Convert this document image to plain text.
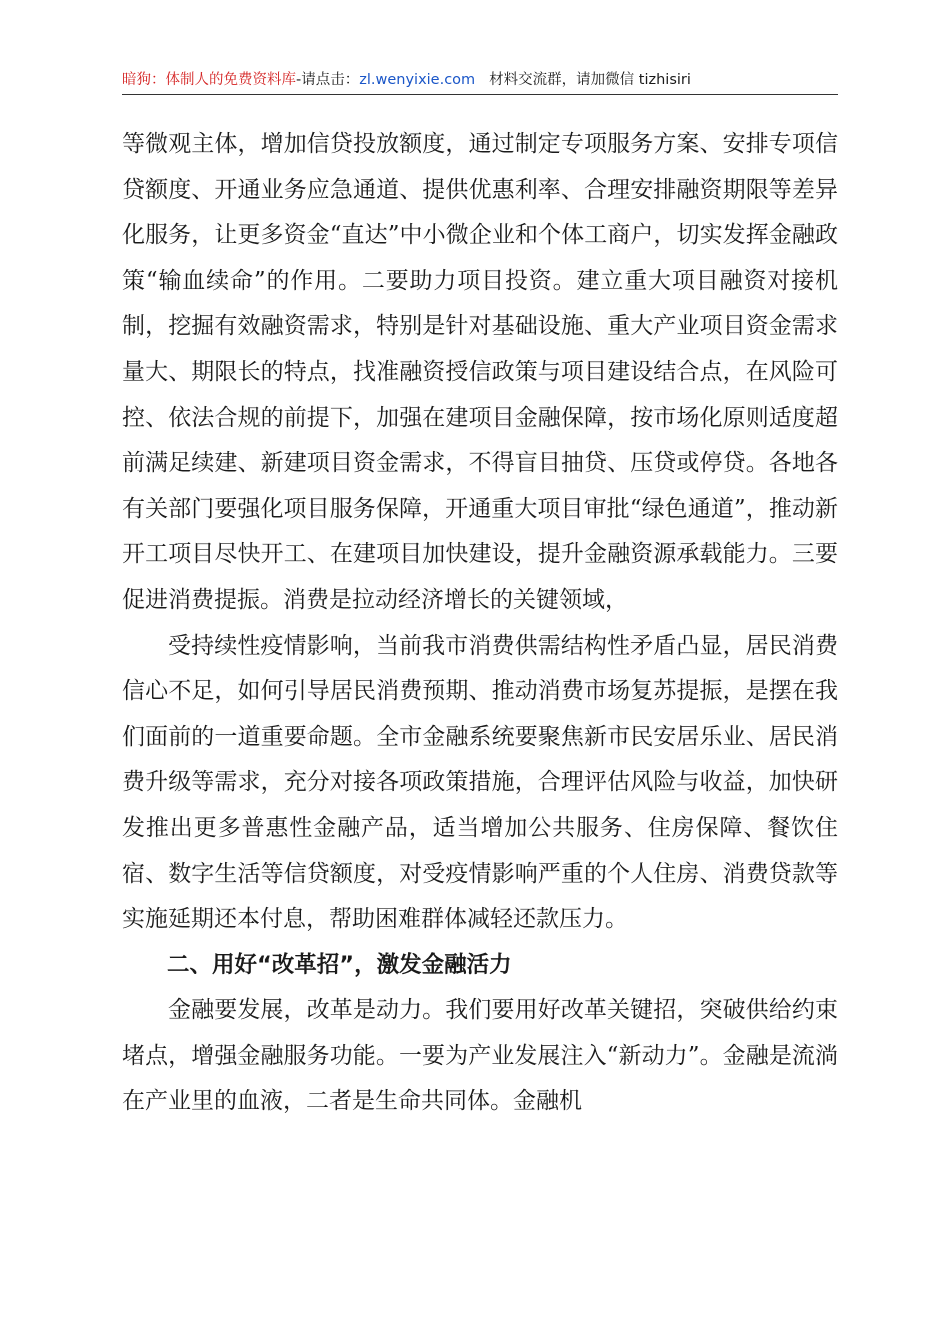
暗狗：体制人的免费资料库-请点击：zl.wenyixie.com 材料交流群，请加微信 tizhisiri

等微观主体，增加信贷投放额度，通过制定专项服务方案、安排专项信贷额度、开通业务应急通道、提供优惠利率、合理安排融资期限等差异化服务，让更多资金“直达”中小微企业和个体工商户，切实发挥金融政策“输血续命”的作用。二要助力项目投资。建立重大项目融资对接机制，挖掘有效融资需求，特别是针对基础设施、重大产业项目资金需求量大、期限长的特点，找准融资授信政策与项目建设结合点，在风险可控、依法合规的前提下，加强在建项目金融保障，按市场化原则适度超前满足续建、新建项目资金需求，不得盲目抽贷、压贷或停贷。各地各有关部门要强化项目服务保障，开通重大项目审批“绿色通道”，推动新开工项目尽快开工、在建项目加快建设，提升金融资源承载能力。三要促进消费提振。消费是拉动经济增长的关键领域，

受持续性疫情影响，当前我市消费供需结构性矛盾凸显，居民消费信心不足，如何引导居民消费预期、推动消费市场复苏提振，是摆在我们面前的一道重要命题。全市金融系统要聚焦新市民安居乐业、居民消费升级等需求，充分对接各项政策措施，合理评估风险与收益，加快研发推出更多普惠性金融产品，适当增加公共服务、住房保障、餐饮住宿、数字生活等信贷额度，对受疫情影响严重的个人住房、消费贷款等实施延期还本付息，帮助困难群体减轻还款压力。

二、用好“改革招”，激发金融活力

金融要发展，改革是动力。我们要用好改革关键招，突破供给约束堵点，增强金融服务功能。一要为产业发展注入“新动力”。金融是流淌在产业里的血液，二者是生命共同体。金融机
